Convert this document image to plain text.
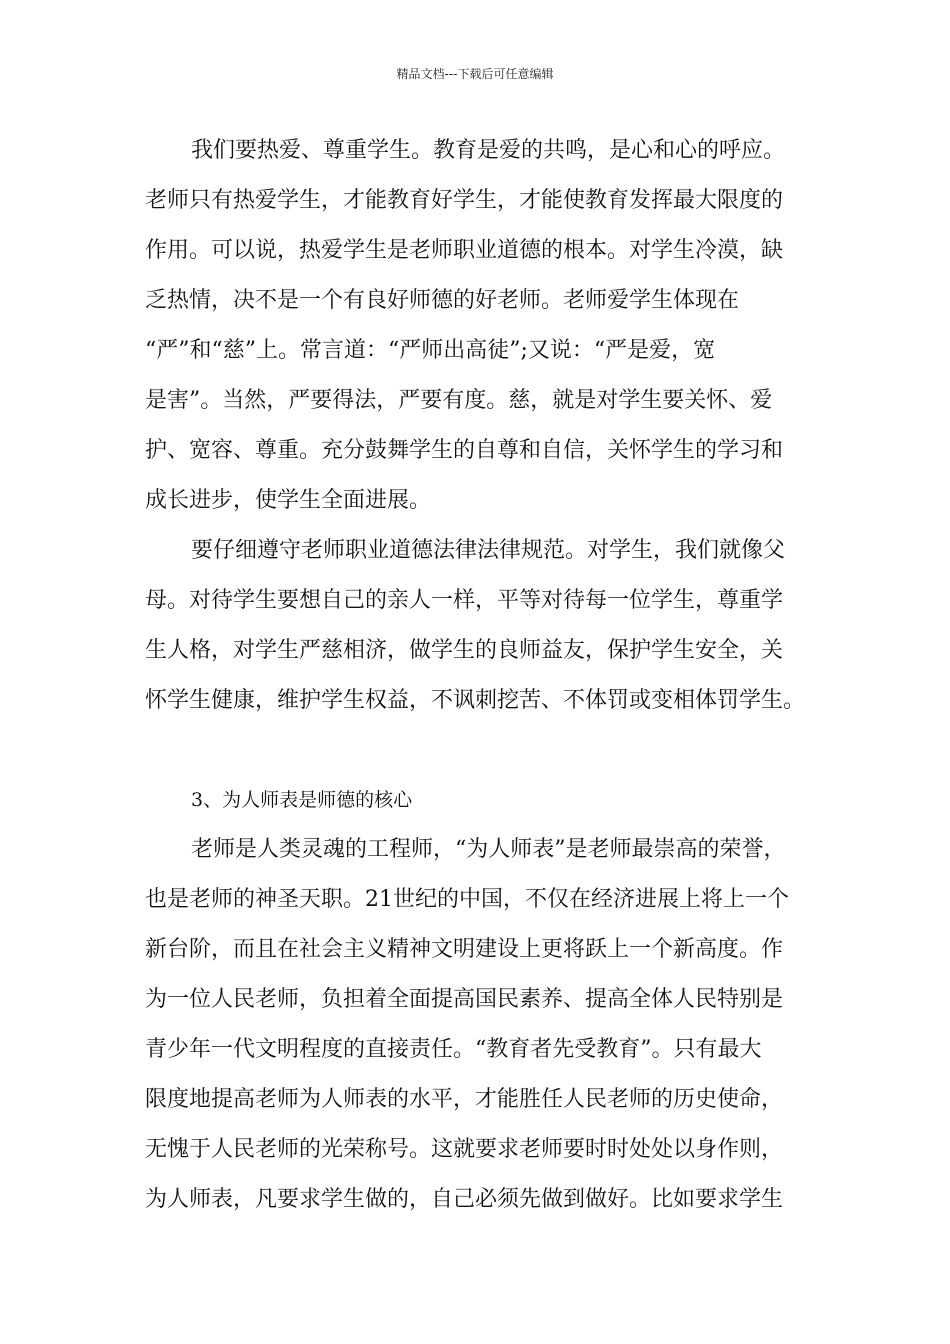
精品文档---下载后可任意编辑
我们要热爱、尊重学生。教育是爱的共鸣，是心和心的呼应。
老师只有热爱学生，才能教育好学生，才能使教育发挥最大限度的
作用。可以说，热爱学生是老师职业道德的根本。对学生冷漠，缺
乏热情，决不是一个有良好师德的好老师。老师爱学生体现在
“严”和“慈”上。常言道：“严师出高徒”;又说：“严是爱，宽
是害”。当然，严要得法，严要有度。慈，就是对学生要关怀、爱
护、宽容、尊重。充分鼓舞学生的自尊和自信，关怀学生的学习和
成长进步，使学生全面进展。
要仔细遵守老师职业道德法律法律规范。对学生，我们就像父
母。对待学生要想自己的亲人一样，平等对待每一位学生，尊重学
生人格，对学生严慈相济，做学生的良师益友，保护学生安全，关
怀学生健康，维护学生权益，不讽刺挖苦、不体罚或变相体罚学生。
3、为人师表是师德的核心
老师是人类灵魂的工程师，“为人师表”是老师最崇高的荣誉，
也是老师的神圣天职。21世纪的中国，不仅在经济进展上将上一个
新台阶，而且在社会主义精神文明建设上更将跃上一个新高度。作
为一位人民老师，负担着全面提高国民素养、提高全体人民特别是
青少年一代文明程度的直接责任。“教育者先受教育”。只有最大
限度地提高老师为人师表的水平，才能胜任人民老师的历史使命，
无愧于人民老师的光荣称号。这就要求老师要时时处处以身作则，
为人师表，凡要求学生做的，自己必须先做到做好。比如要求学生
